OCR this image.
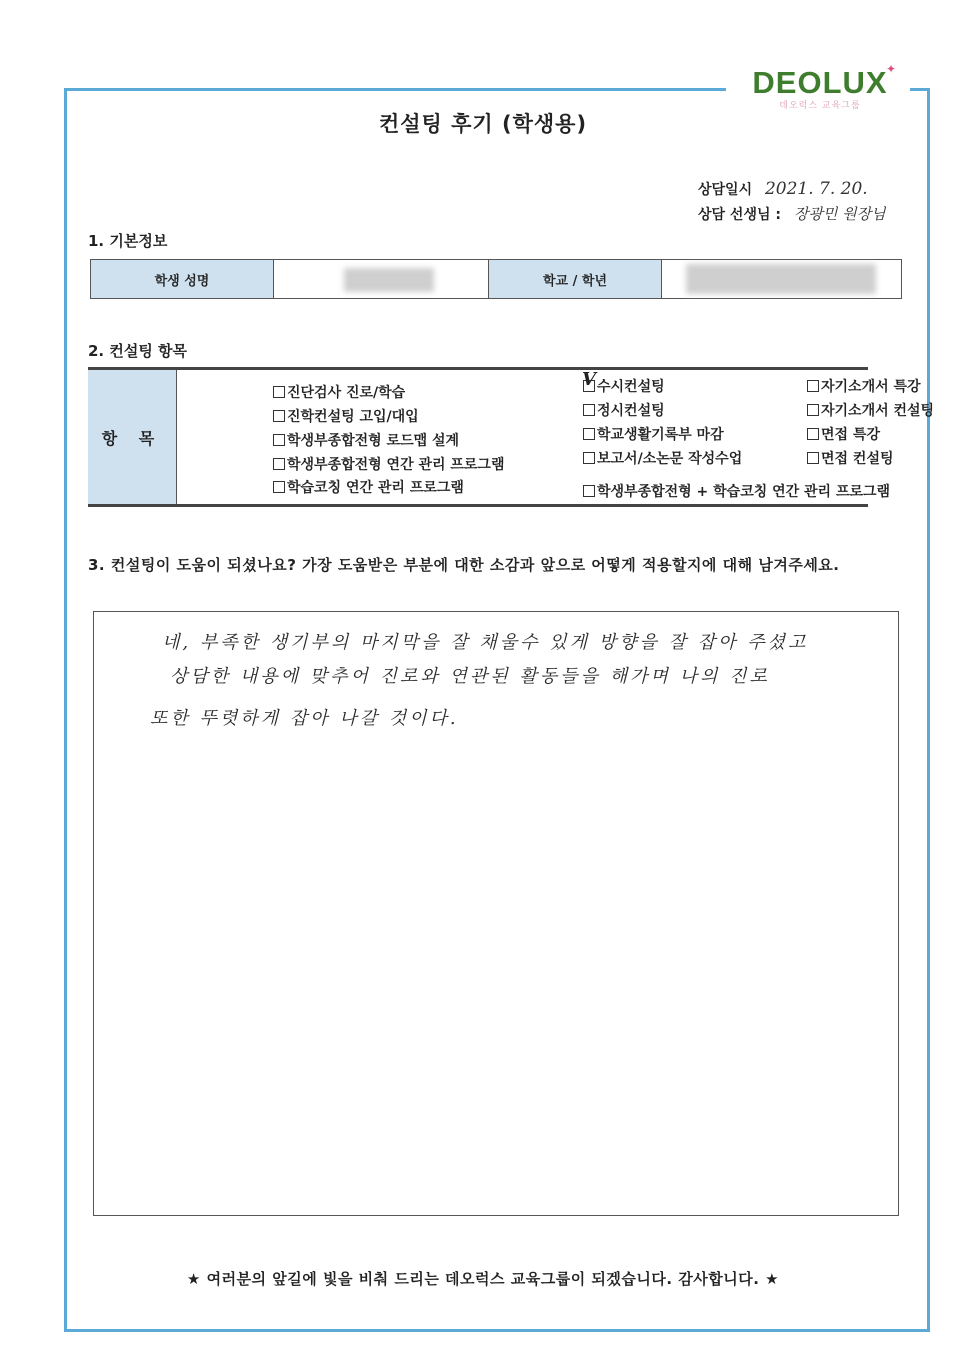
DEOLUX
✦
데오럭스 교육그룹
컨설팅 후기 (학생용)
상담일시 2021. 7. 20.
상담 선생님 : 장광민 원장님
1. 기본정보
학생 성명	학교 / 학년
2. 컨설팅 항목
항 목
진단검사 진로/학습
진학컨설팅 고입/대입
학생부종합전형 로드맵 설계
학생부종합전형 연간 관리 프로그램
학습코칭 연간 관리 프로그램
V 수시컨설팅
정시컨설팅
학교생활기록부 마감
보고서/소논문 작성수업
학생부종합전형 + 학습코칭 연간 관리 프로그램
자기소개서 특강
자기소개서 컨설팅
면접 특강
면접 컨설팅
3. 컨설팅이 도움이 되셨나요? 가장 도움받은 부분에 대한 소감과 앞으로 어떻게 적용할지에 대해 남겨주세요.
네, 부족한 생기부의 마지막을 잘 채울수 있게 방향을 잘 잡아 주셨고
상담한 내용에 맞추어 진로와 연관된 활동들을 해가며 나의 진로
또한 뚜렷하게 잡아 나갈 것이다.
★ 여러분의 앞길에 빛을 비춰 드리는 데오럭스 교육그룹이 되겠습니다. 감사합니다. ★
